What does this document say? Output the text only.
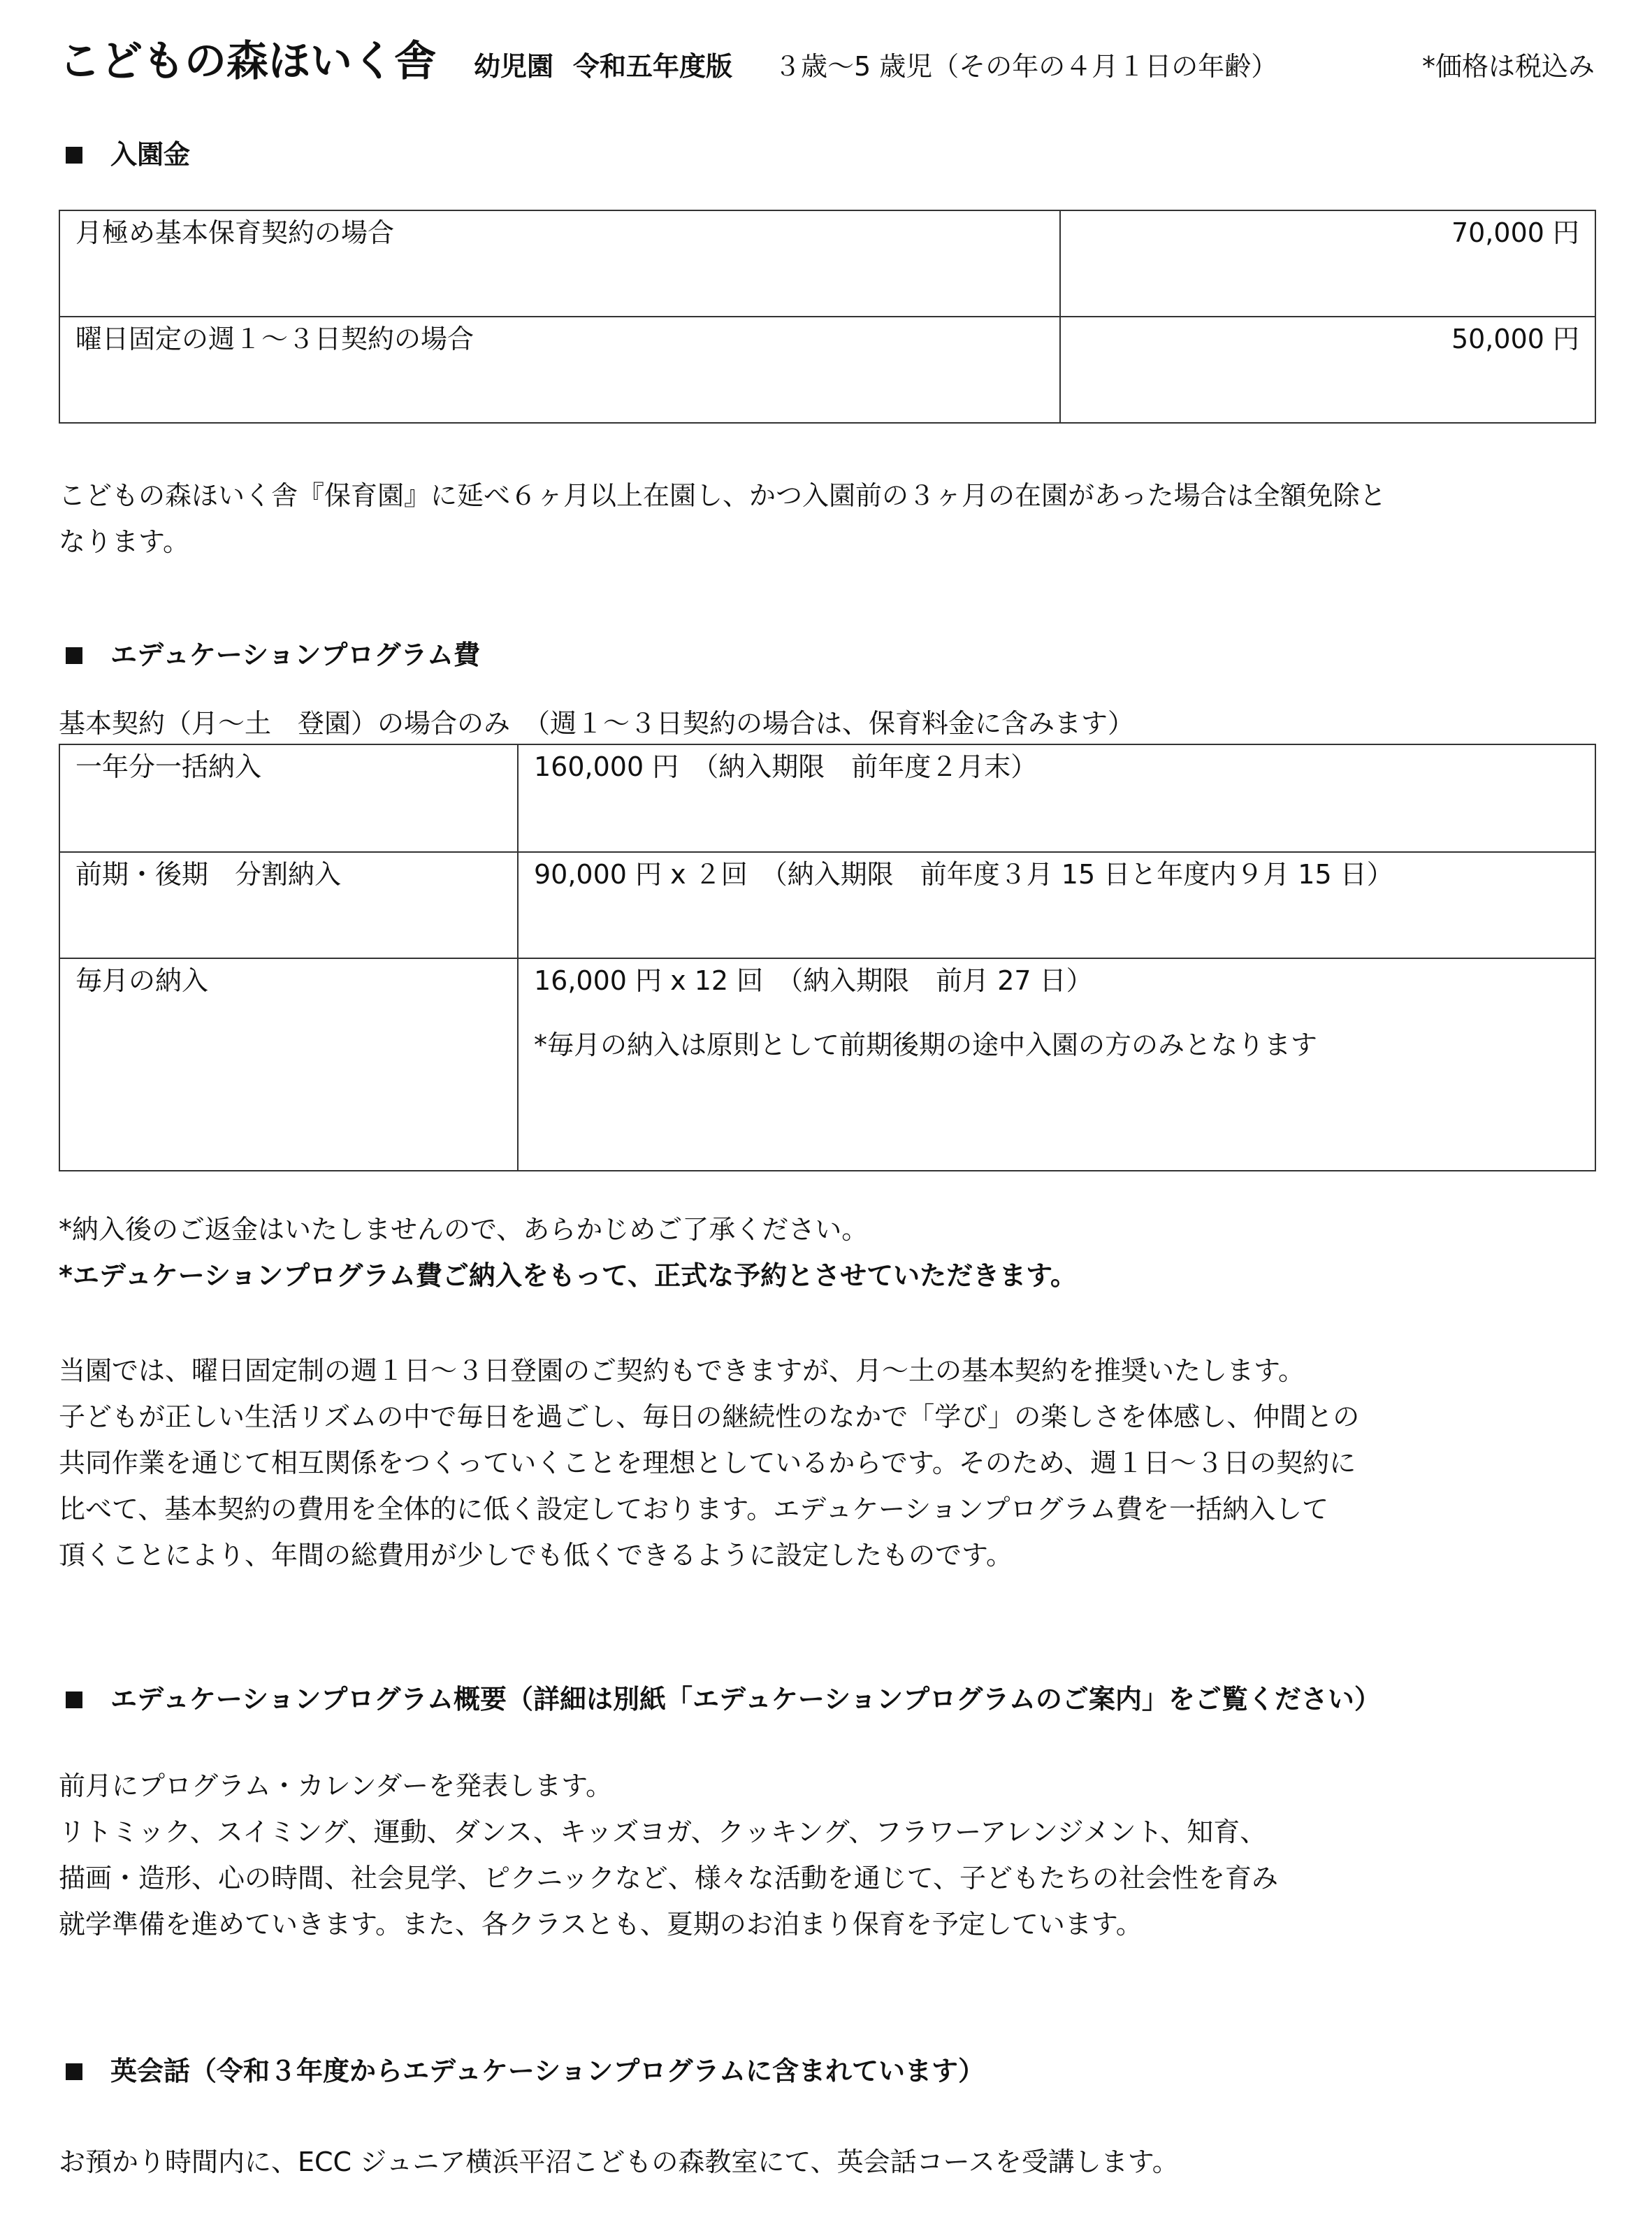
こどもの森ほいく舎 幼児園 令和五年度版 ３歳～5 歳児（その年の４月１日の年齢）	*価格は税込み
入園金
月極め基本保育契約の場合	70,000 円
曜日固定の週１～３日契約の場合	50,000 円
こどもの森ほいく舎『保育園』に延べ６ヶ月以上在園し、かつ入園前の３ヶ月の在園があった場合は全額免除と
なります。
エデュケーションプログラム費
基本契約（月～土　登園）の場合のみ　（週１～３日契約の場合は、保育料金に含みます）
一年分一括納入	160,000 円　（納入期限　前年度２月末）
前期・後期　分割納入	90,000 円 x ２回　（納入期限　前年度３月 15 日と年度内９月 15 日）
毎月の納入	16,000 円 x 12 回　（納入期限　前月 27 日）
*毎月の納入は原則として前期後期の途中入園の方のみとなります
*納入後のご返金はいたしませんので、あらかじめご了承ください。
*エデュケーションプログラム費ご納入をもって、正式な予約とさせていただきます。
当園では、曜日固定制の週１日～３日登園のご契約もできますが、月～土の基本契約を推奨いたします。
子どもが正しい生活リズムの中で毎日を過ごし、毎日の継続性のなかで「学び」の楽しさを体感し、仲間との
共同作業を通じて相互関係をつくっていくことを理想としているからです。そのため、週１日～３日の契約に
比べて、基本契約の費用を全体的に低く設定しております。エデュケーションプログラム費を一括納入して
頂くことにより、年間の総費用が少しでも低くできるように設定したものです。
エデュケーションプログラム概要（詳細は別紙「エデュケーションプログラムのご案内」をご覧ください）
前月にプログラム・カレンダーを発表します。
リトミック、スイミング、運動、ダンス、キッズヨガ、クッキング、フラワーアレンジメント、知育、
描画・造形、心の時間、社会見学、ピクニックなど、様々な活動を通じて、子どもたちの社会性を育み
就学準備を進めていきます。また、各クラスとも、夏期のお泊まり保育を予定しています。
英会話（令和３年度からエデュケーションプログラムに含まれています）
お預かり時間内に、ECC ジュニア横浜平沼こどもの森教室にて、英会話コースを受講します。
